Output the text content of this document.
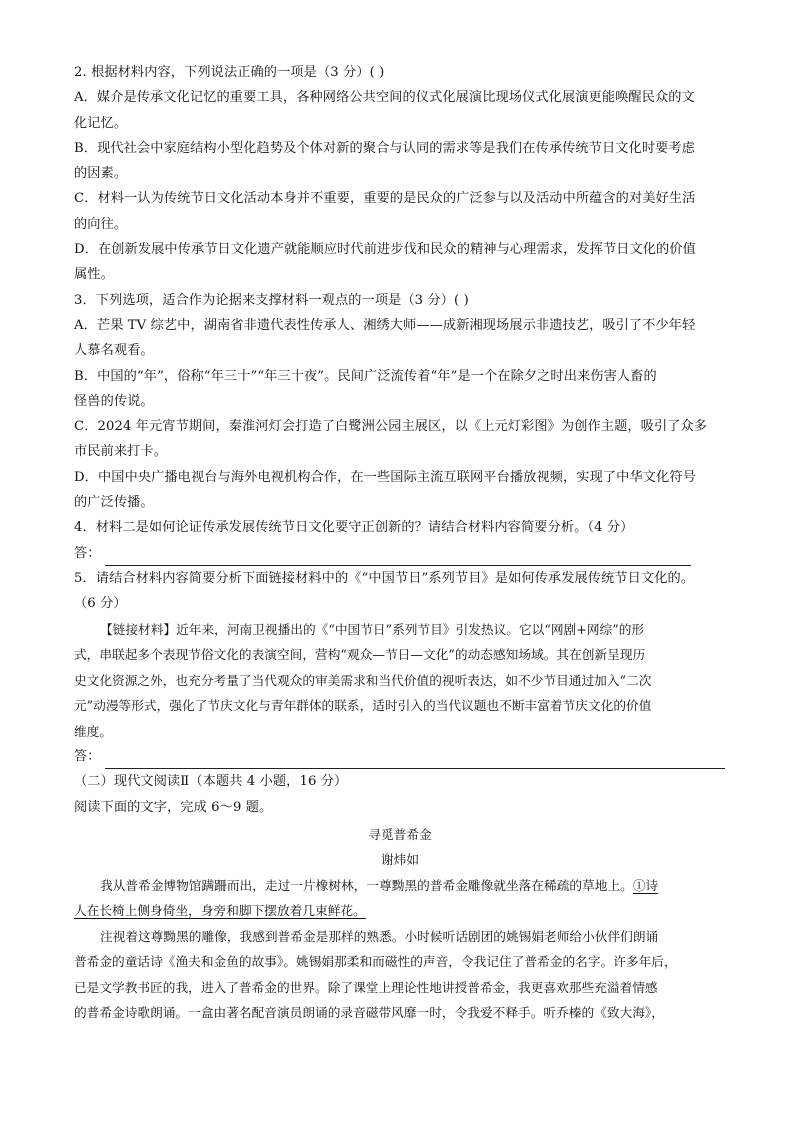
2. 根据材料内容，下列说法正确的一项是（3 分）( )
A．媒介是传承文化记忆的重要工具，各种网络公共空间的仪式化展演比现场仪式化展演更能唤醒民众的文
化记忆。
B．现代社会中家庭结构小型化趋势及个体对新的聚合与认同的需求等是我们在传承传统节日文化时要考虑
的因素。
C．材料一认为传统节日文化活动本身并不重要，重要的是民众的广泛参与以及活动中所蕴含的对美好生活
的向往。
D．在创新发展中传承节日文化遗产就能顺应时代前进步伐和民众的精神与心理需求，发挥节日文化的价值
属性。
3．下列选项，适合作为论据来支撑材料一观点的一项是（3 分）( )
A．芒果 TV 综艺中，湖南省非遗代表性传承人、湘绣大师——成新湘现场展示非遗技艺，吸引了不少年轻
人慕名观看。
B．中国的“年”，俗称“年三十”“年三十夜”。民间广泛流传着“年”是一个在除夕之时出来伤害人畜的
怪兽的传说。
C．2024 年元宵节期间，秦淮河灯会打造了白鹭洲公园主展区，以《上元灯彩图》为创作主题，吸引了众多
市民前来打卡。
D．中国中央广播电视台与海外电视机构合作，在一些国际主流互联网平台播放视频，实现了中华文化符号
的广泛传播。
4．材料二是如何论证传承发展传统节日文化要守正创新的？请结合材料内容简要分析。（4 分）
答：
5．请结合材料内容简要分析下面链接材料中的《“中国节日”系列节目》是如何传承发展传统节日文化的。
（6 分）
【链接材料】近年来，河南卫视播出的《“中国节日”系列节目》引发热议。它以“网剧+网综”的形
式，串联起多个表现节俗文化的表演空间，营构“观众—节日—文化”的动态感知场域。其在创新呈现历
史文化资源之外，也充分考量了当代观众的审美需求和当代价值的视听表达，如不少节目通过加入“二次
元”动漫等形式，强化了节庆文化与青年群体的联系，适时引入的当代议题也不断丰富着节庆文化的价值
维度。
答：
（二）现代文阅读Ⅱ（本题共 4 小题，16 分）
阅读下面的文字，完成 6～9 题。
寻觅普希金
谢炜如
我从普希金博物馆蹒跚而出，走过一片橡树林，一尊黝黑的普希金雕像就坐落在稀疏的草地上。①诗
人在长椅上侧身倚坐，身旁和脚下摆放着几束鲜花。
注视着这尊黝黑的雕像，我感到普希金是那样的熟悉。小时候听话剧团的姚锡娟老师给小伙伴们朗诵
普希金的童话诗《渔夫和金鱼的故事》。姚锡娟那柔和而磁性的声音，令我记住了普希金的名字。许多年后，
已是文学教书匠的我，进入了普希金的世界。除了课堂上理论性地讲授普希金，我更喜欢那些充溢着情感
的普希金诗歌朗诵。一盒由著名配音演员朗诵的录音磁带风靡一时，令我爱不释手。听乔榛的《致大海》，
